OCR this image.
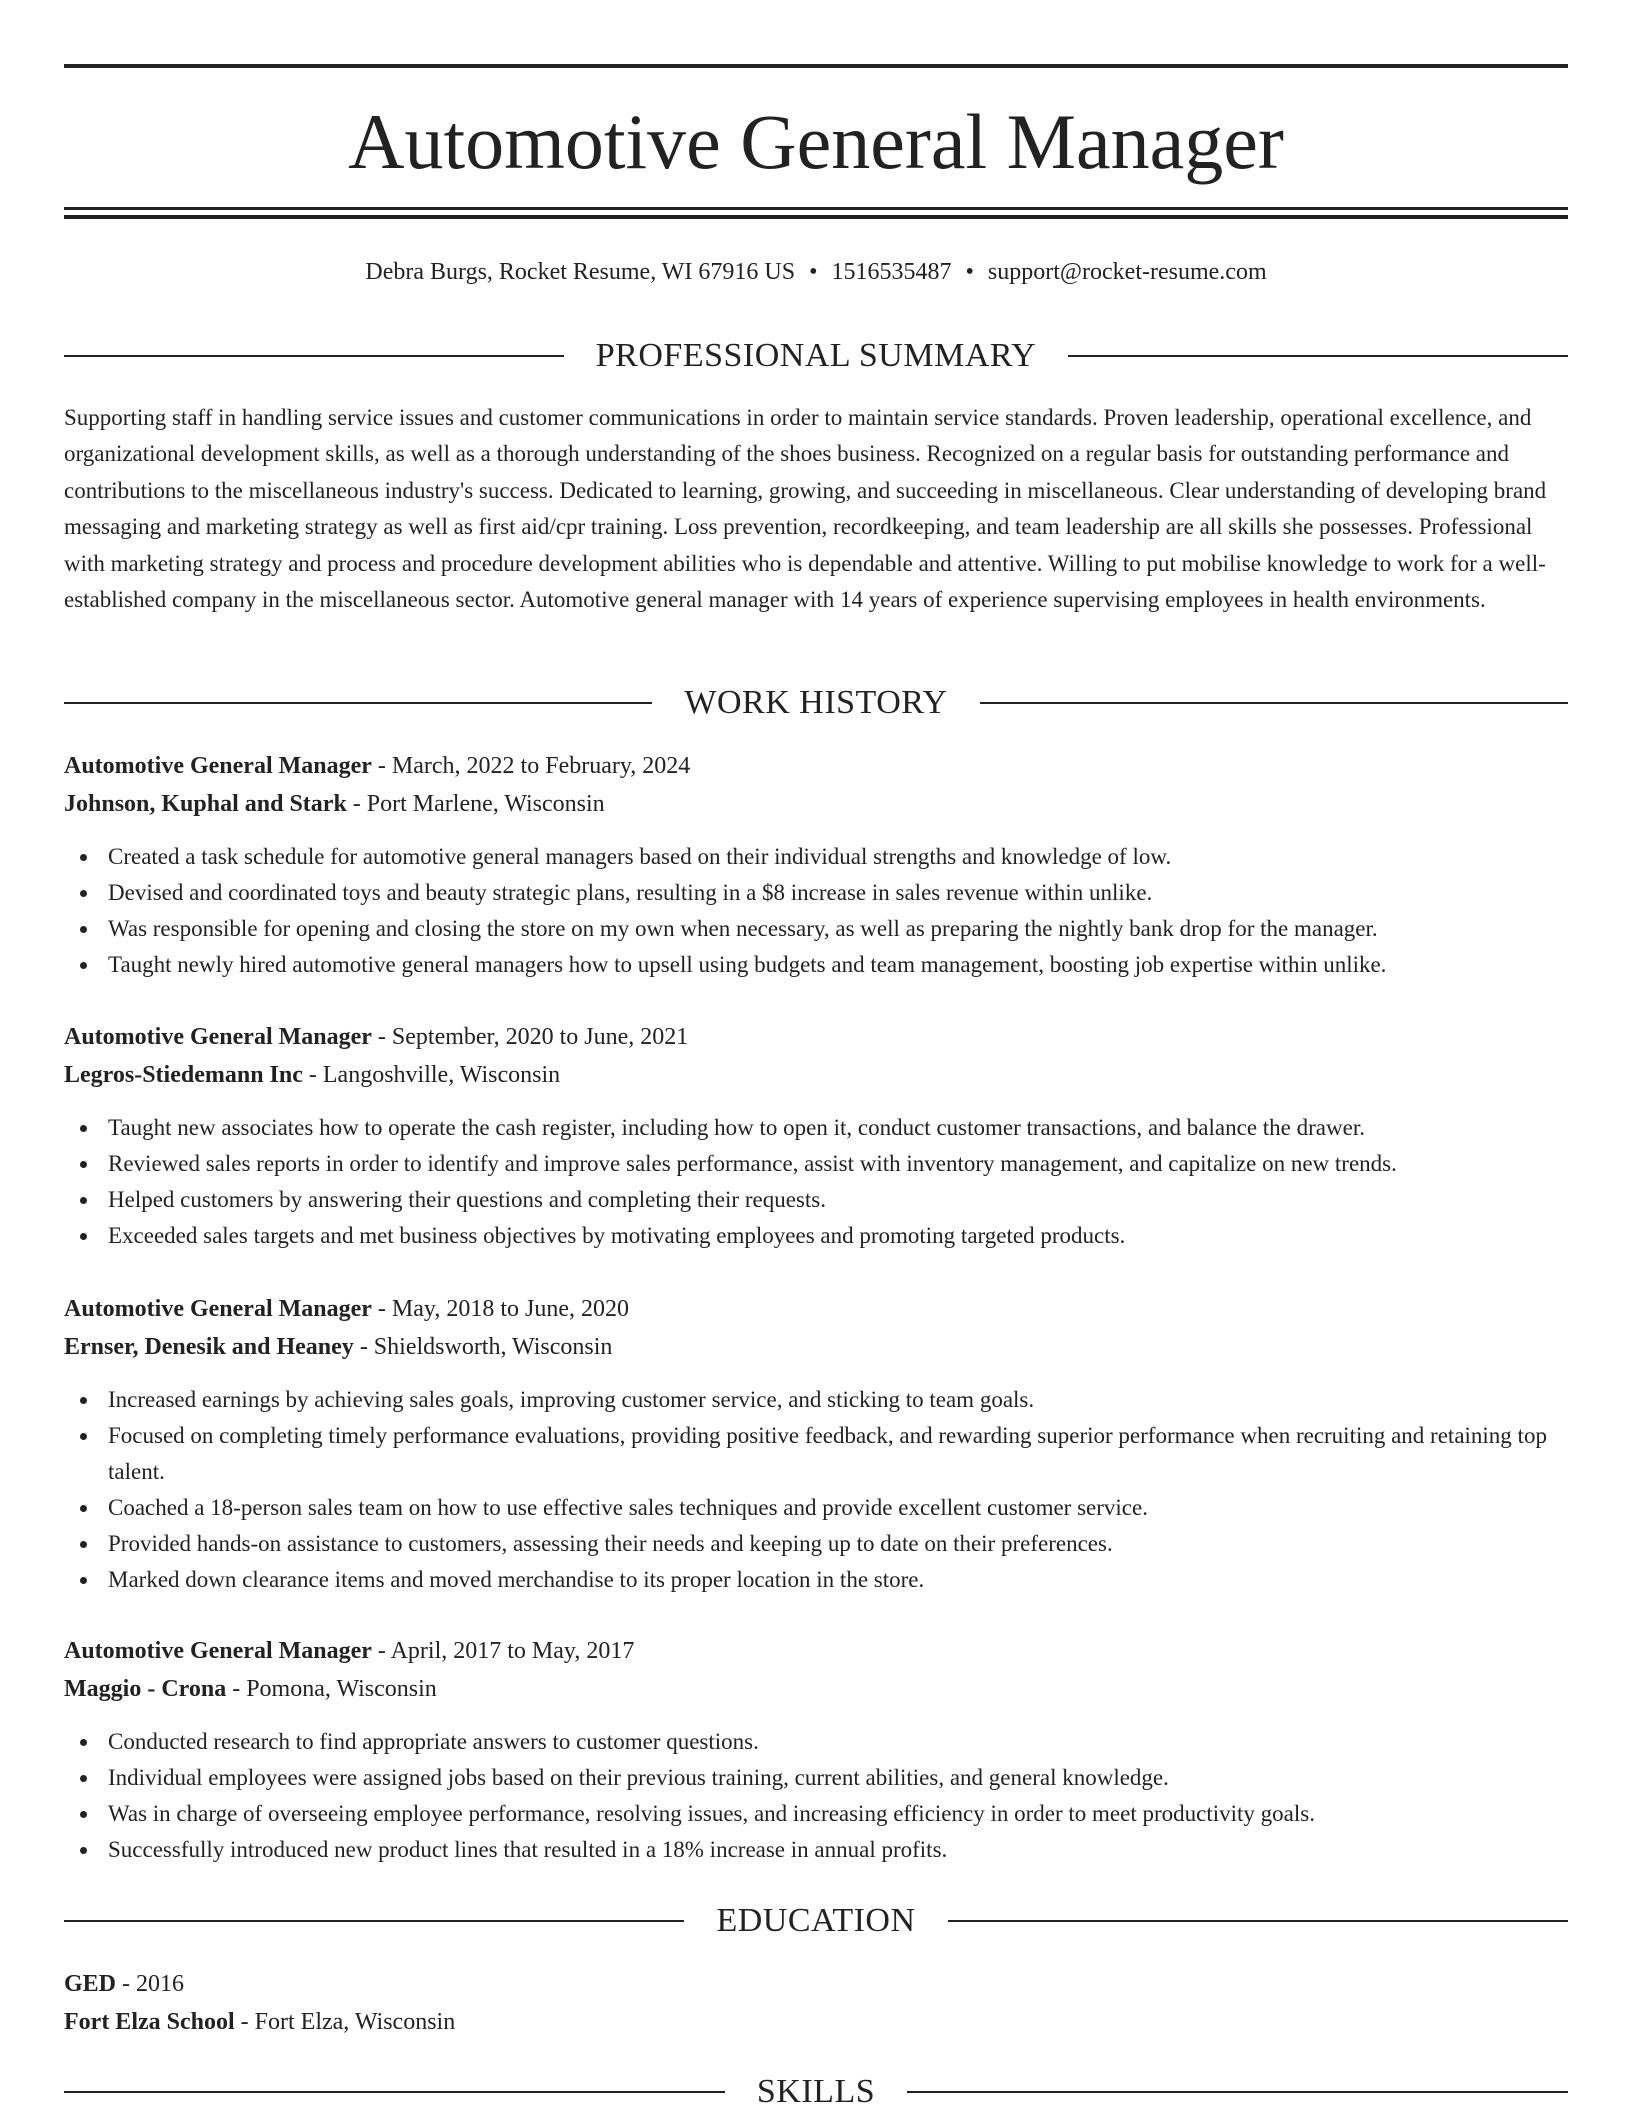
Automotive General Manager
Debra Burgs, Rocket Resume, WI 67916 US • 1516535487 • support@rocket-resume.com
PROFESSIONAL SUMMARY

Supporting staff in handling service issues and customer communications in order to maintain service standards. Proven leadership, operational excellence, and organizational development skills, as well as a thorough understanding of the shoes business. Recognized on a regular basis for outstanding performance and contributions to the miscellaneous industry's success. Dedicated to learning, growing, and succeeding in miscellaneous. Clear understanding of developing brand messaging and marketing strategy as well as first aid/cpr training. Loss prevention, recordkeeping, and team leadership are all skills she possesses. Professional with marketing strategy and process and procedure development abilities who is dependable and attentive. Willing to put mobilise knowledge to work for a well-established company in the miscellaneous sector. Automotive general manager with 14 years of experience supervising employees in health environments.

WORK HISTORY
Automotive General Manager - March, 2022 to February, 2024
Johnson, Kuphal and Stark - Port Marlene, Wisconsin
Created a task schedule for automotive general managers based on their individual strengths and knowledge of low.
Devised and coordinated toys and beauty strategic plans, resulting in a $8 increase in sales revenue within unlike.
Was responsible for opening and closing the store on my own when necessary, as well as preparing the nightly bank drop for the manager.
Taught newly hired automotive general managers how to upsell using budgets and team management, boosting job expertise within unlike.
Automotive General Manager - September, 2020 to June, 2021
Legros-Stiedemann Inc - Langoshville, Wisconsin
Taught new associates how to operate the cash register, including how to open it, conduct customer transactions, and balance the drawer.
Reviewed sales reports in order to identify and improve sales performance, assist with inventory management, and capitalize on new trends.
Helped customers by answering their questions and completing their requests.
Exceeded sales targets and met business objectives by motivating employees and promoting targeted products.
Automotive General Manager - May, 2018 to June, 2020
Ernser, Denesik and Heaney - Shieldsworth, Wisconsin
Increased earnings by achieving sales goals, improving customer service, and sticking to team goals.
Focused on completing timely performance evaluations, providing positive feedback, and rewarding superior performance when recruiting and retaining top talent.
Coached a 18-person sales team on how to use effective sales techniques and provide excellent customer service.
Provided hands-on assistance to customers, assessing their needs and keeping up to date on their preferences.
Marked down clearance items and moved merchandise to its proper location in the store.
Automotive General Manager - April, 2017 to May, 2017
Maggio - Crona - Pomona, Wisconsin
Conducted research to find appropriate answers to customer questions.
Individual employees were assigned jobs based on their previous training, current abilities, and general knowledge.
Was in charge of overseeing employee performance, resolving issues, and increasing efficiency in order to meet productivity goals.
Successfully introduced new product lines that resulted in a 18% increase in annual profits.
EDUCATION
GED - 2016
Fort Elza School - Fort Elza, Wisconsin
SKILLS
